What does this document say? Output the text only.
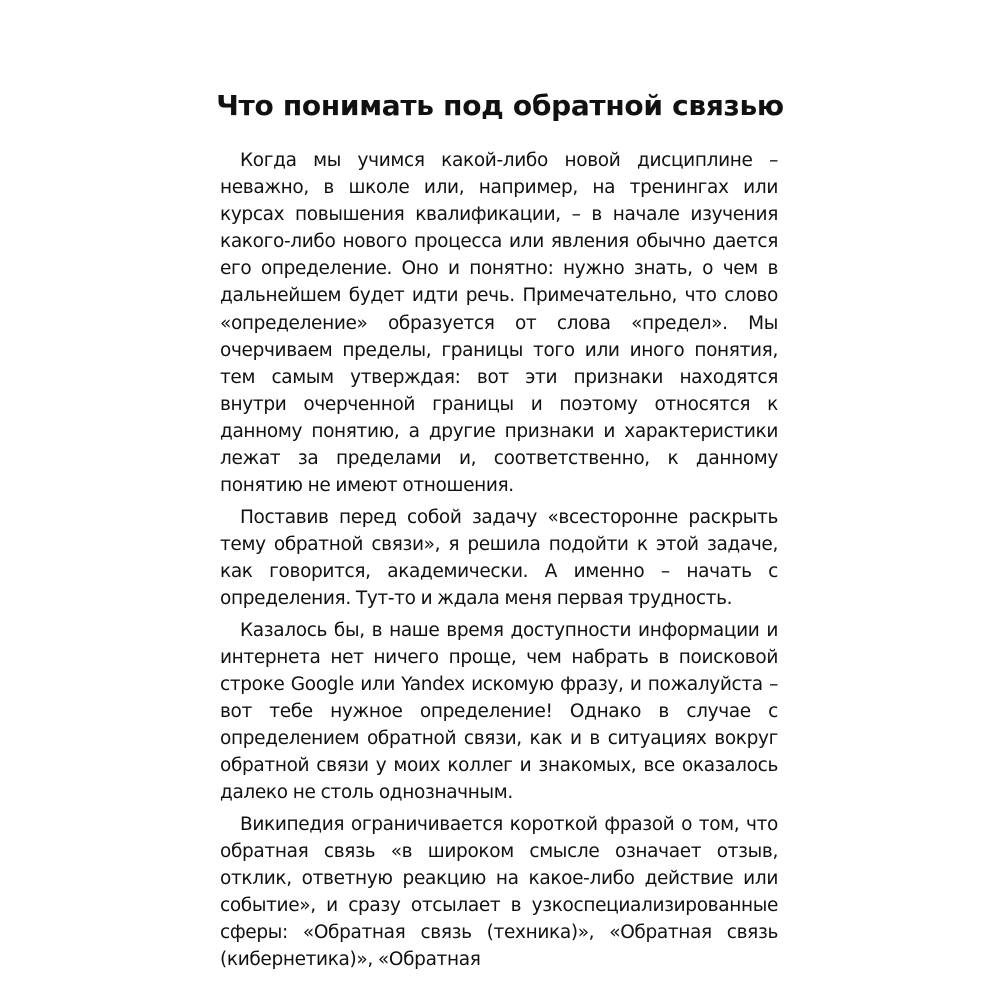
Что понимать под обратной связью

Когда мы учимся какой-либо новой дисциплине – неважно, в школе или, например, на тренингах или курсах повышения квалификации, – в начале изучения какого-либо нового процесса или явления обычно дается его определение. Оно и понятно: нужно знать, о чем в дальнейшем будет идти речь. Примечательно, что слово «определение» образуется от слова «предел». Мы очерчиваем пределы, границы того или иного понятия, тем самым утверждая: вот эти признаки находятся внутри очерченной границы и поэтому относятся к данному понятию, а другие признаки и характеристики лежат за пределами и, соответственно, к данному понятию не имеют отношения.

Поставив перед собой задачу «всесторонне раскрыть тему обратной связи», я решила подойти к этой задаче, как говорится, академически. А именно – начать с определения. Тут-то и ждала меня первая трудность.

Казалось бы, в наше время доступности информации и интернета нет ничего проще, чем набрать в поисковой строке Google или Yandex искомую фразу, и пожалуйста – вот тебе нужное определение! Однако в случае с определением обратной связи, как и в ситуациях вокруг обратной связи у моих коллег и знакомых, все оказалось далеко не столь однозначным.

Википедия ограничивается короткой фразой о том, что обратная связь «в широком смысле означает отзыв, отклик, ответную реакцию на какое-либо действие или событие», и сразу отсылает в узкоспециализированные сферы: «Обратная связь (техника)», «Обратная связь (кибернетика)», «Обратная
